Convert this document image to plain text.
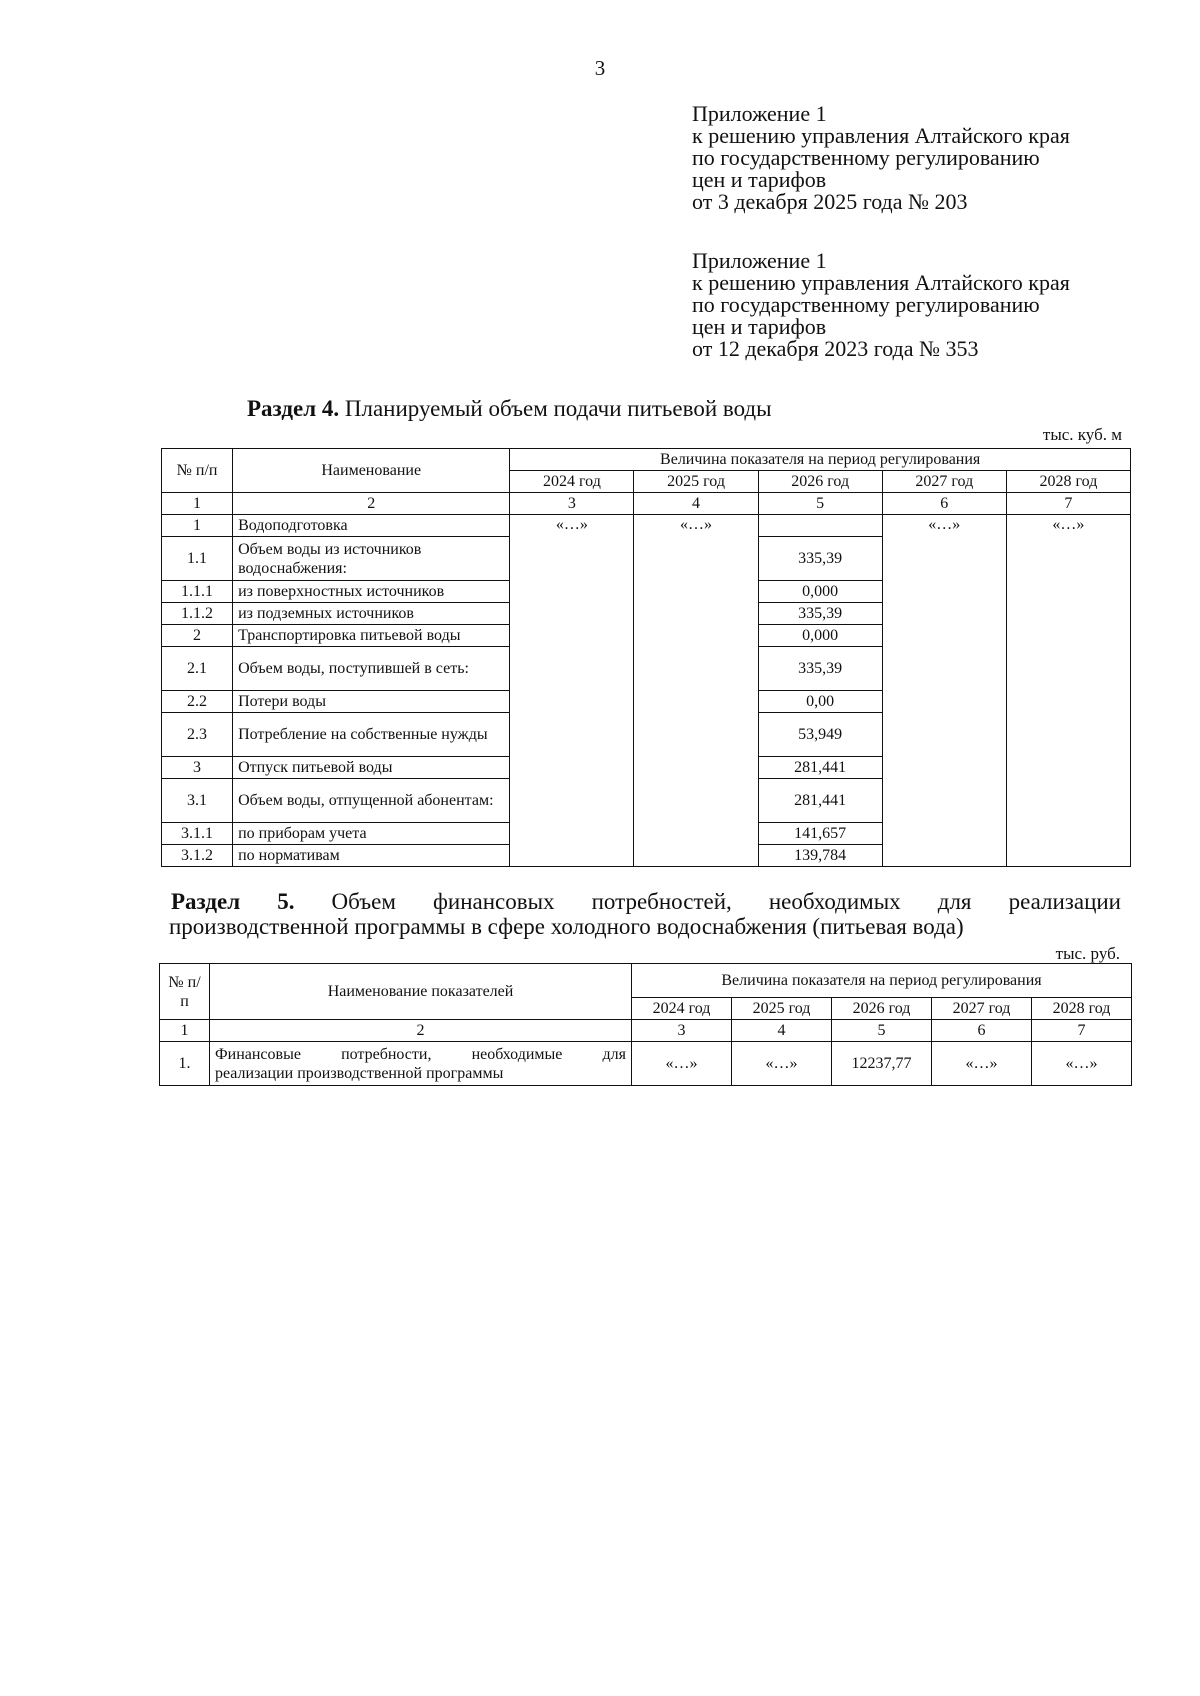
3
Приложение 1
к решению управления Алтайского края
по государственному регулированию
цен и тарифов
от 3 декабря 2025 года № 203
Приложение 1
к решению управления Алтайского края
по государственному регулированию
цен и тарифов
от 12 декабря 2023 года № 353
Раздел 4. Планируемый объем подачи питьевой воды
тыс. куб. м
№ п/п	Наименование	Величина показателя на период регулирования				
		2024 год	2025 год	2026 год	2027 год	2028 год
1	2	3	4	5	6	7
1	Водоподготовка	«…»	«…»		«…»	«…»
1.1	Объем воды из источников водоснабжения:			335,39		
1.1.1	из поверхностных источников			0,000		
1.1.2	из подземных источников			335,39		
2	Транспортировка питьевой воды			0,000		
2.1	Объем воды, поступившей в сеть:			335,39		
2.2	Потери воды			0,00		
2.3	Потребление на собственные нужды			53,949		
3	Отпуск питьевой воды			281,441		
3.1	Объем воды, отпущенной абонентам:			281,441		
3.1.1	по приборам учета			141,657		
3.1.2	по нормативам			139,784		
Раздел 5. Объем финансовых потребностей, необходимых для реализации
производственной программы в сфере холодного водоснабжения (питьевая вода)
тыс. руб.
№ п/п	Наименование показателей	Величина показателя на период регулирования				
		2024 год	2025 год	2026 год	2027 год	2028 год
1	2	3	4	5	6	7
1.	Финансовые потребности, необходимые для
реализации производственной программы	«…»	«…»	12237,77	«…»	«…»
